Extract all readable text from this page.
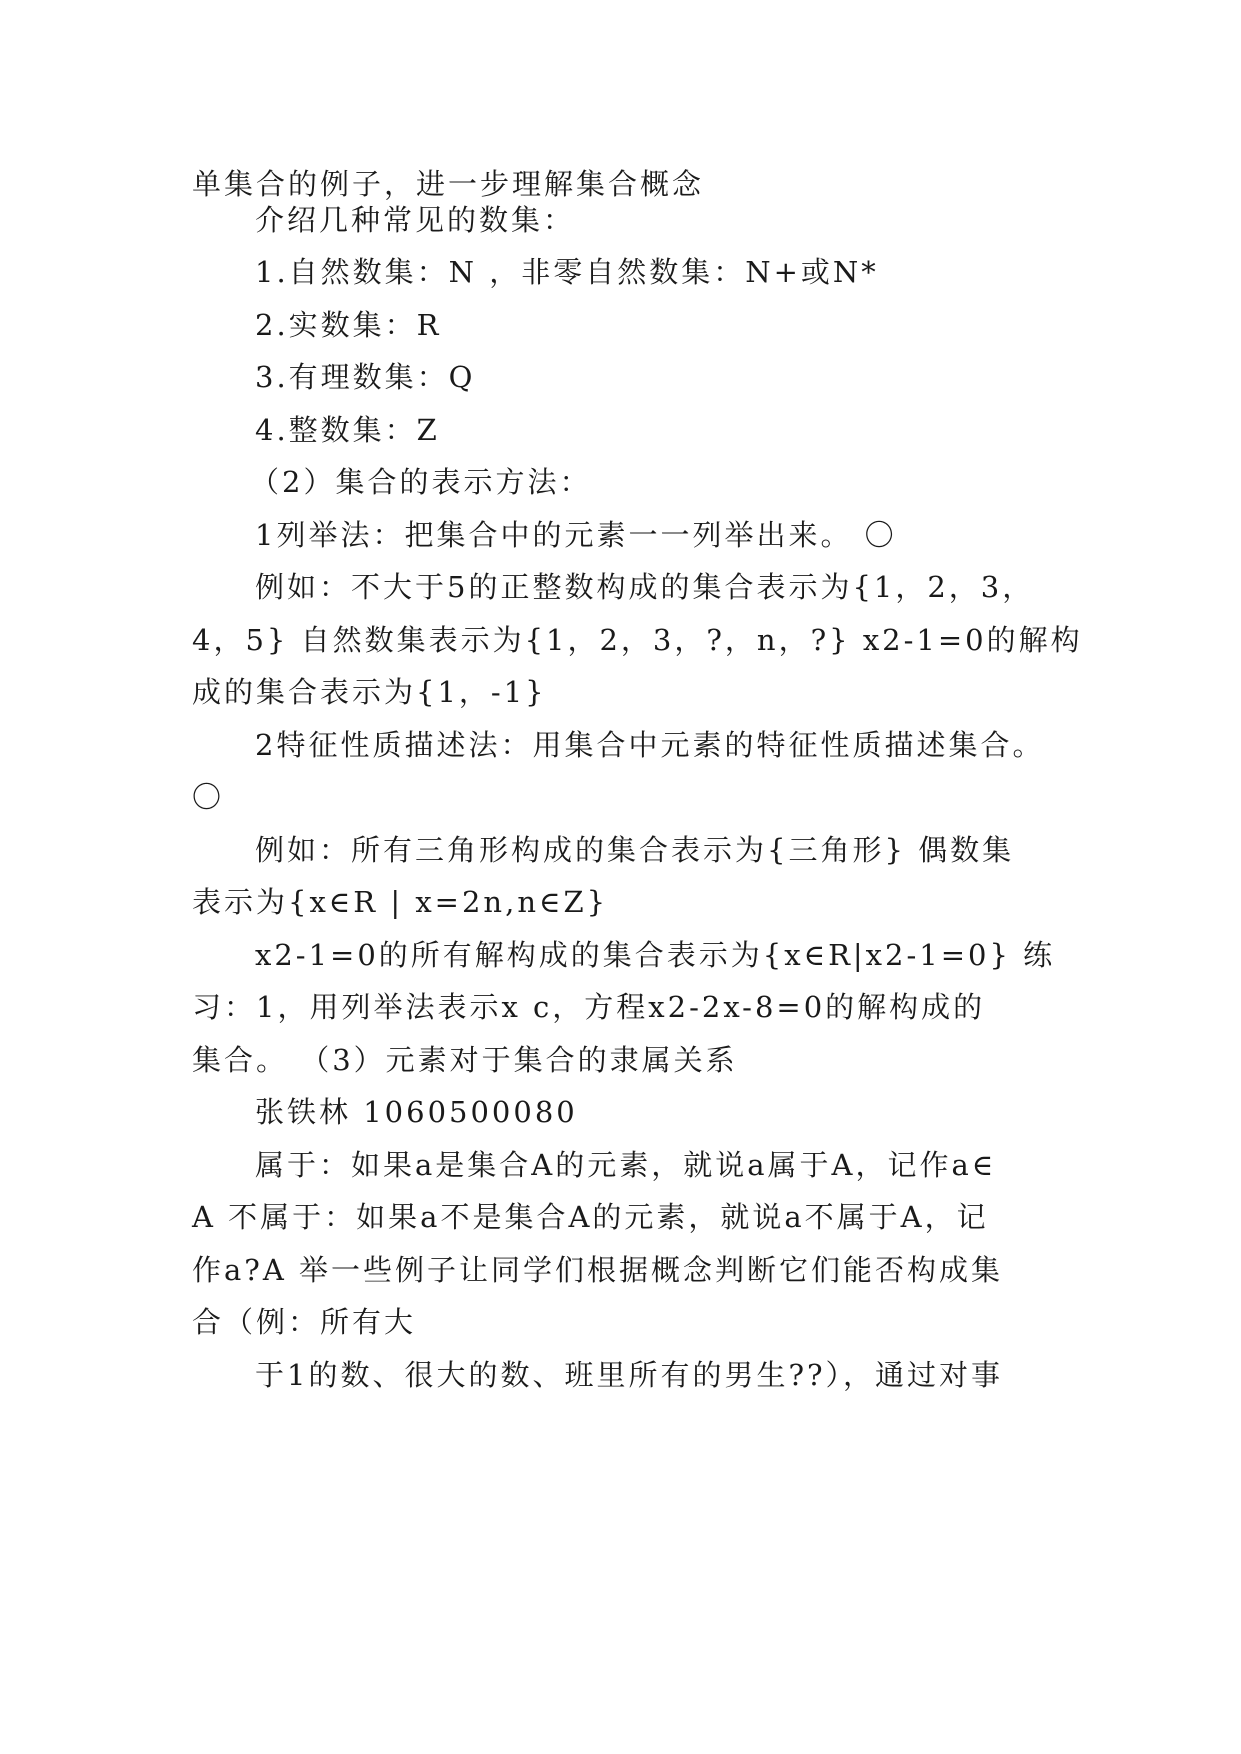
单集合的例子，进一步理解集合概念
介绍几种常见的数集：
1.自然数集：N ，非零自然数集：N+或N*
2.实数集：R
3.有理数集：Q
4.整数集：Z
（2）集合的表示方法：
1列举法：把集合中的元素一一列举出来。 〇
例如：不大于5的正整数构成的集合表示为{1，2，3，
4，5} 自然数集表示为{1，2，3，?，n，?} x2-1=0的解构
成的集合表示为{1，-1}
2特征性质描述法：用集合中元素的特征性质描述集合。
〇
例如：所有三角形构成的集合表示为{三角形} 偶数集
表示为{x∈R | x=2n,n∈Z}
x2-1=0的所有解构成的集合表示为{x∈R|x2-1=0} 练
习：1，用列举法表示x c，方程x2-2x-8=0的解构成的
集合。 （3）元素对于集合的隶属关系
张铁林 1060500080
属于：如果a是集合A的元素，就说a属于A，记作a∈
A 不属于：如果a不是集合A的元素，就说a不属于A，记
作a?A 举一些例子让同学们根据概念判断它们能否构成集
合（例：所有大
于1的数、很大的数、班里所有的男生??），通过对事
